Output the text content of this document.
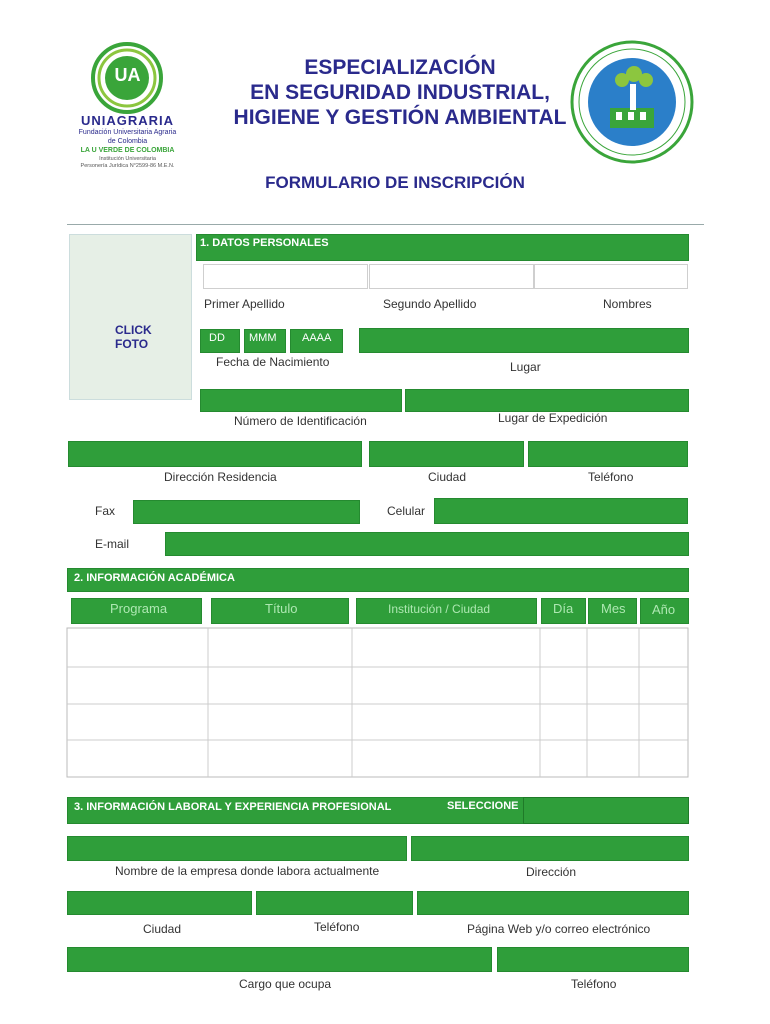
UA
UNIAGRARIA
Fundación Universitaria Agraria
de Colombia
LA U VERDE DE COLOMBIA
Institución Universitaria
Personería Jurídica N°2599-86 M.E.N.
ESPECIALIZACIÓN
EN SEGURIDAD INDUSTRIAL,
HIGIENE Y GESTIÓN AMBIENTAL
FORMULARIO DE INSCRIPCIÓN
CLICK
FOTO
1. DATOS PERSONALES
Primer Apellido	Segundo Apellido	Nombres
DD MMM AAAA
Fecha de Nacimiento	Lugar
Número de Identificación	Lugar de Expedición
Dirección Residencia	Ciudad	Teléfono
Fax	Celular
E-mail
2. INFORMACIÓN ACADÉMICA
Programa	Título	Institución / Ciudad	Día Mes Año
3. INFORMACIÓN LABORAL Y EXPERIENCIA PROFESIONAL	SELECCIONE
Nombre de la empresa donde labora actualmente	Dirección
Ciudad	Teléfono	Página Web y/o correo electrónico
Cargo que ocupa	Teléfono
